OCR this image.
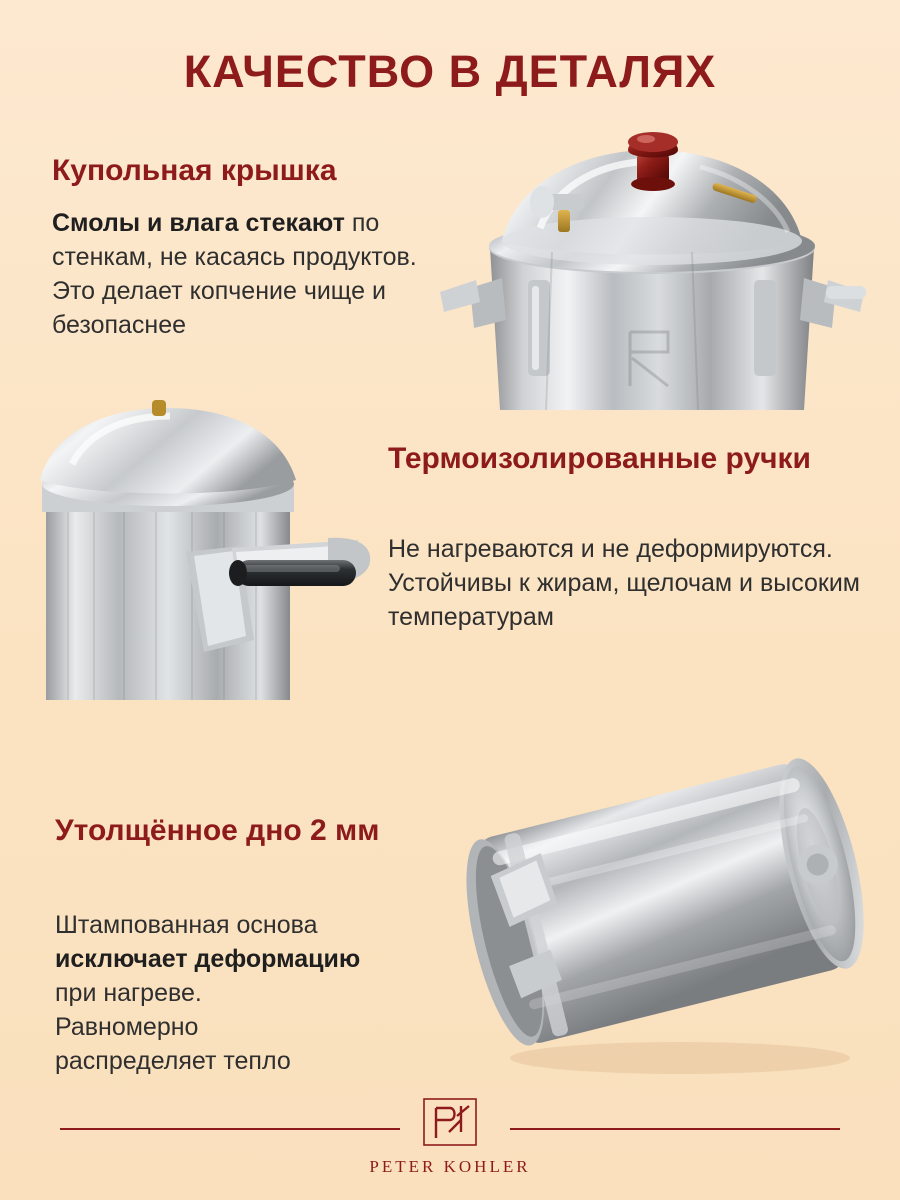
КАЧЕСТВО В ДЕТАЛЯХ
Купольная крышка
Смолы и влага стекают по стенкам, не касаясь продуктов. Это делает копчение чище и безопаснее
Термоизолированные ручки
Не нагреваются и не деформируются. Устойчивы к жирам, щелочам и высоким температурам
Утолщённое дно 2 мм
Штампованная основа
исключает деформацию
при нагреве.
Равномерно
распределяет тепло
PETER KOHLER
